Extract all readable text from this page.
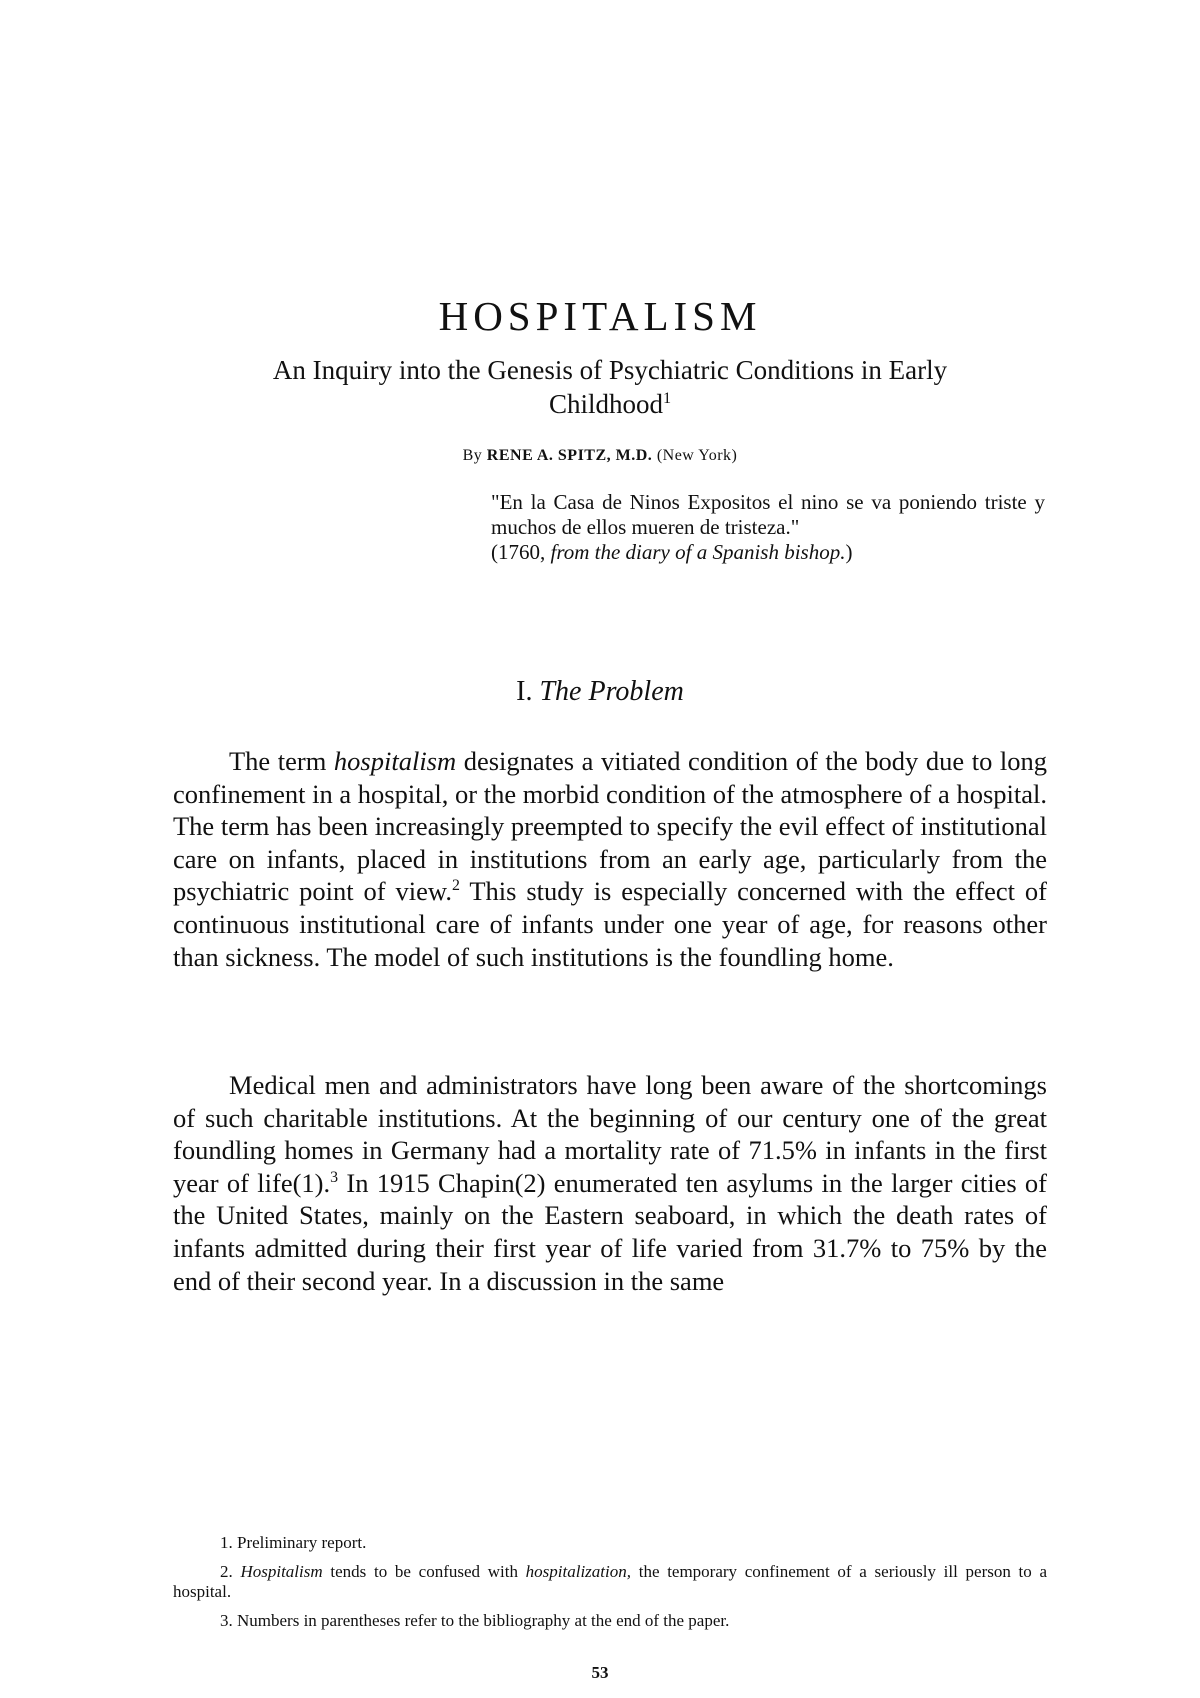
HOSPITALISM

An Inquiry into the Genesis of Psychiatric Conditions in Early Childhood$^1$

By RENE A. SPITZ, M.D. (New York)
"En la Casa de Ninos Expositos el nino se va poniendo triste y muchos de ellos mueren de tristeza."
(1760, from the diary of a Spanish bishop.)
I. The Problem

The term hospitalism designates a vitiated condition of the body due to long confinement in a hospital, or the morbid condition of the atmosphere of a hospital. The term has been increasingly preempted to specify the evil effect of institutional care on infants, placed in institutions from an early age, particularly from the psychiatric point of view.$^2$ This study is especially concerned with the effect of continuous institutional care of infants under one year of age, for reasons other than sickness. The model of such institutions is the foundling home.

Medical men and administrators have long been aware of the shortcomings of such charitable institutions. At the beginning of our century one of the great foundling homes in Germany had a mortality rate of 71.5% in infants in the first year of life(1).$^3$ In 1915 Chapin(2) enumerated ten asylums in the larger cities of the United States, mainly on the Eastern seaboard, in which the death rates of infants admitted during their first year of life varied from 31.7% to 75% by the end of their second year. In a discussion in the same

1. Preliminary report.

2. Hospitalism tends to be confused with hospitalization, the temporary confinement of a seriously ill person to a hospital.

3. Numbers in parentheses refer to the bibliography at the end of the paper.

53
